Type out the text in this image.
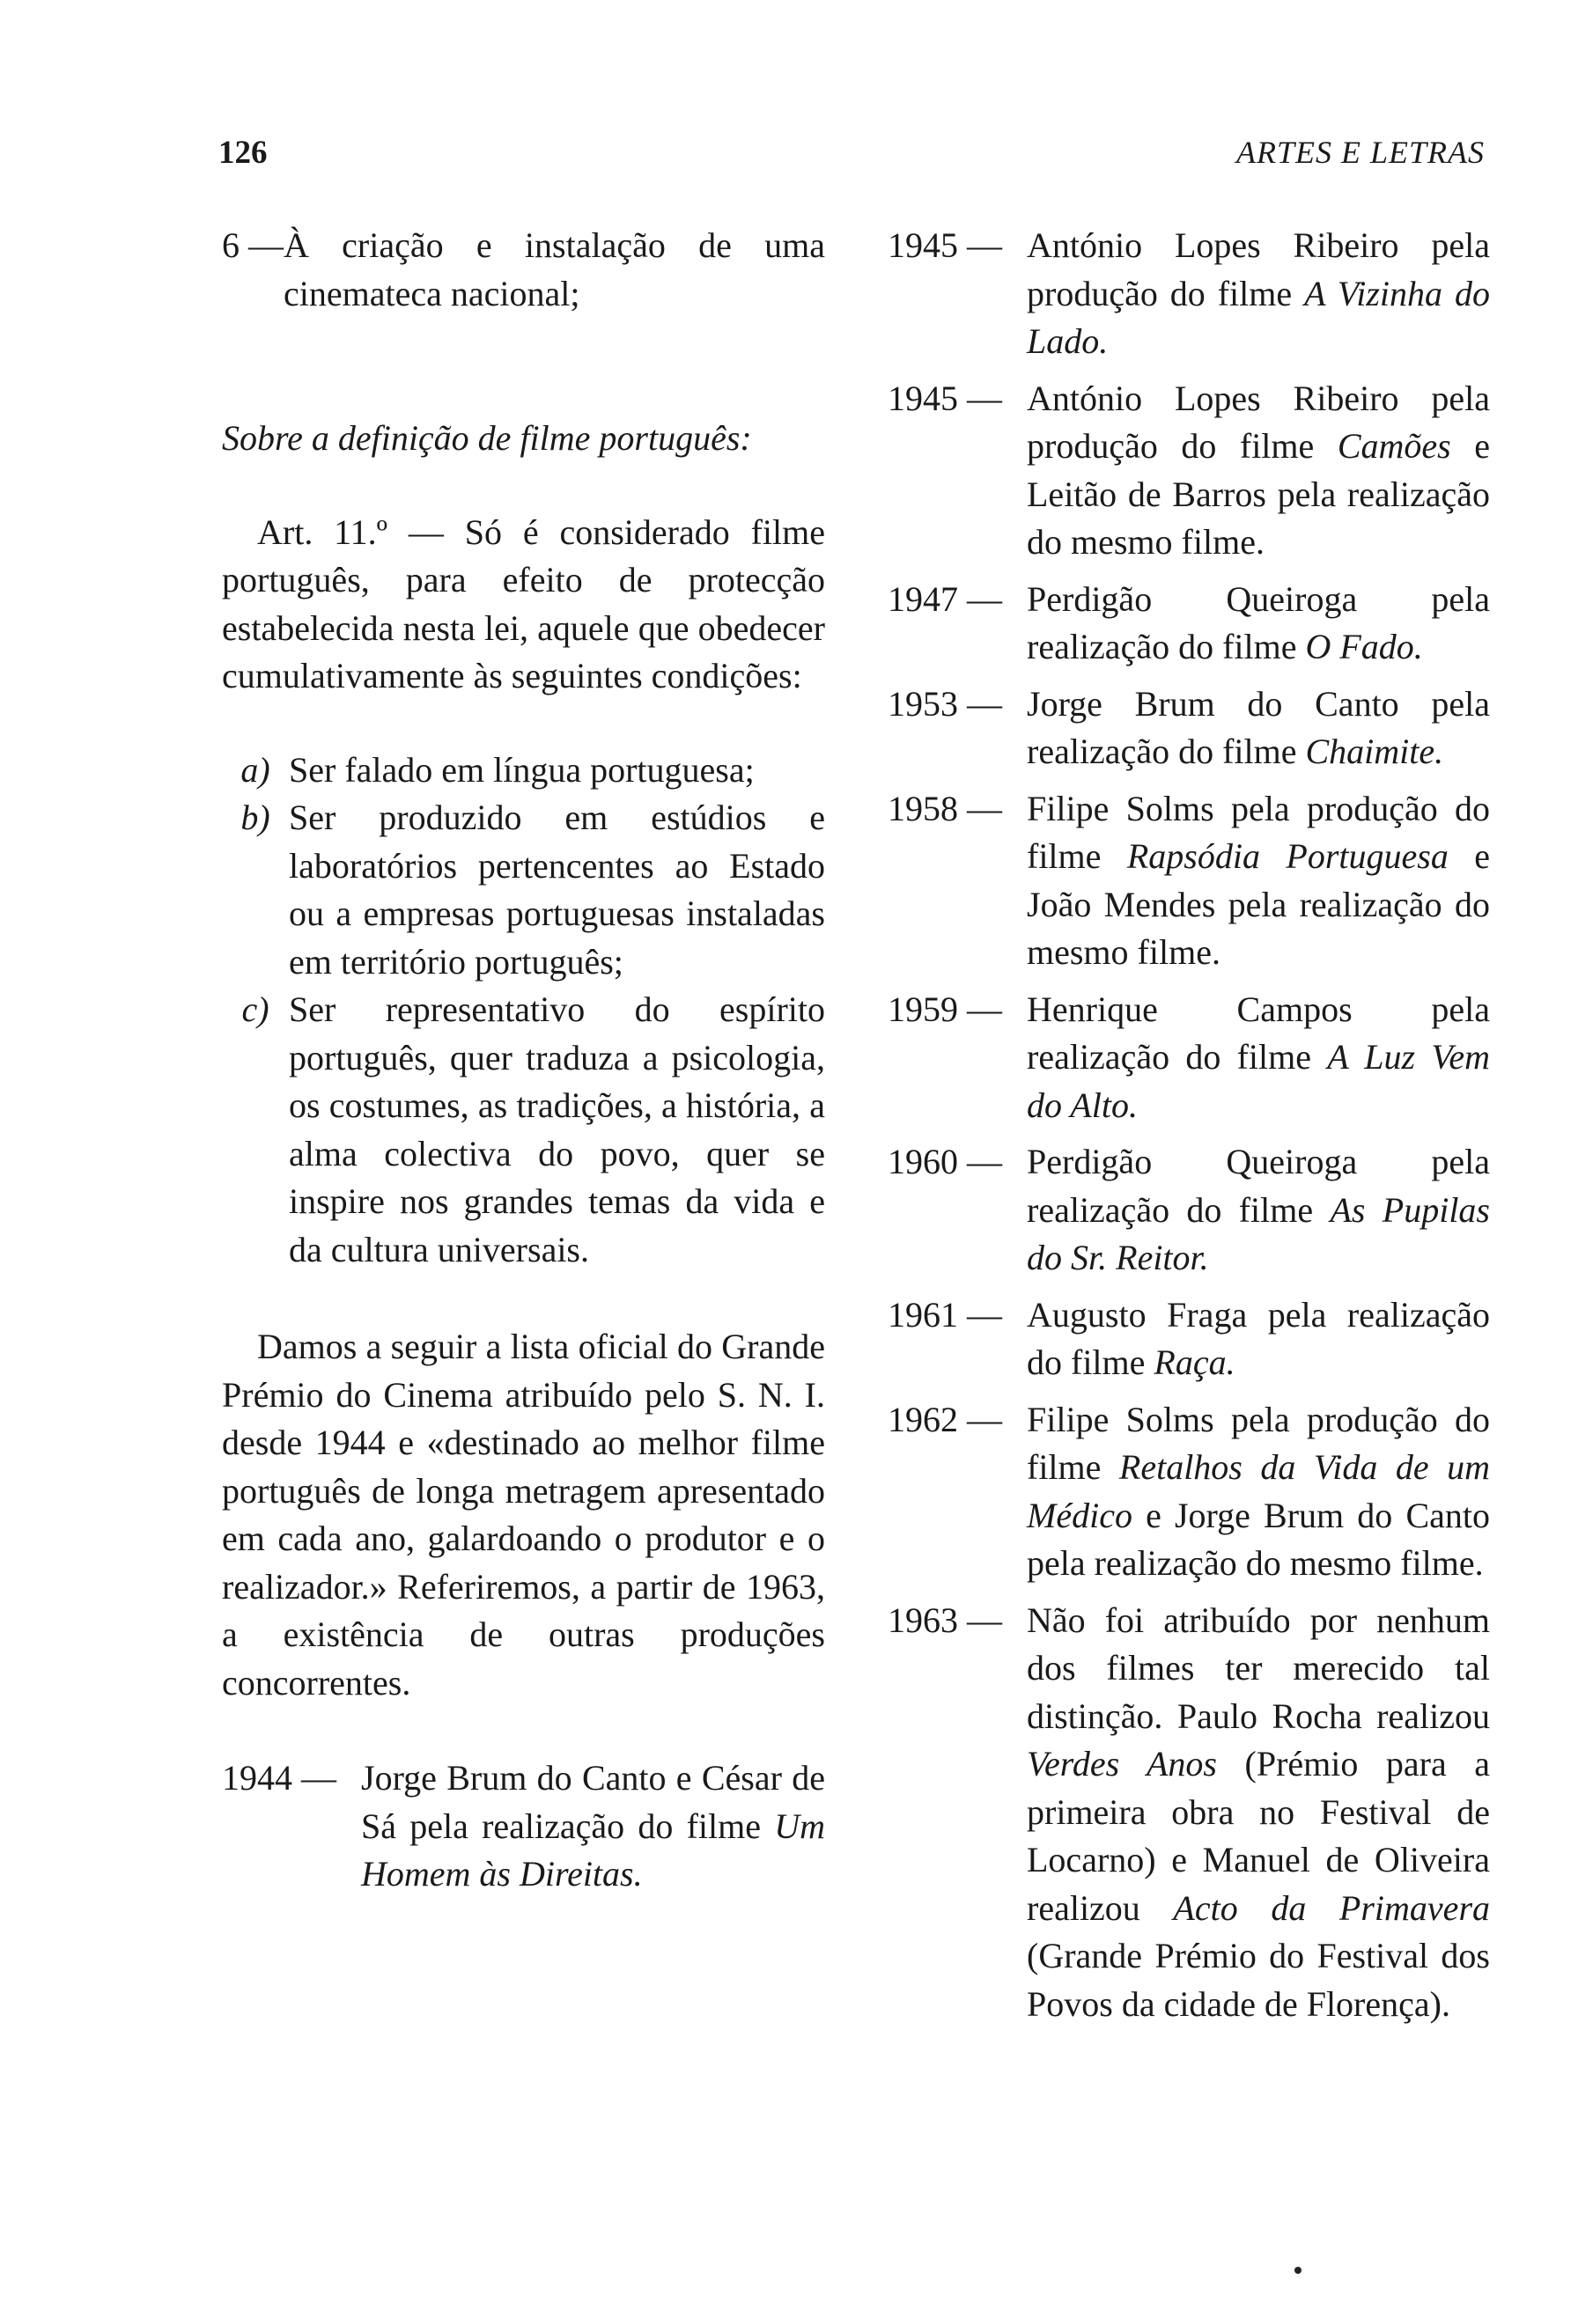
126	ARTES E LETRAS
6 — À criação e instalação de uma cinemateca nacional;

Sobre a definição de filme português:

Art. 11.º — Só é considerado filme português, para efeito de protecção estabelecida nesta lei, aquele que obedecer cumulativamente às seguintes condições:

a) Ser falado em língua portuguesa;
b) Ser produzido em estúdios e laboratórios pertencentes ao Estado ou a empresas portuguesas instaladas em território português;
c) Ser representativo do espírito português, quer traduza a psicologia, os costumes, as tradições, a história, a alma colectiva do povo, quer se inspire nos grandes temas da vida e da cultura universais.

Damos a seguir a lista oficial do Grande Prémio do Cinema atribuído pelo S. N. I. desde 1944 e «destinado ao melhor filme português de longa metragem apresentado em cada ano, galardoando o produtor e o realizador.» Referiremos, a partir de 1963, a existência de outras produções concorrentes.

1944 — Jorge Brum do Canto e César de Sá pela realização do filme Um Homem às Direitas.
1945 — António Lopes Ribeiro pela produção do filme A Vizinha do Lado.
1945 — António Lopes Ribeiro pela produção do filme Camões e Leitão de Barros pela realização do mesmo filme.
1947 — Perdigão Queiroga pela realização do filme O Fado.
1953 — Jorge Brum do Canto pela realização do filme Chaimite.
1958 — Filipe Solms pela produção do filme Rapsódia Portuguesa e João Mendes pela realização do mesmo filme.
1959 — Henrique Campos pela realização do filme A Luz Vem do Alto.
1960 — Perdigão Queiroga pela realização do filme As Pupilas do Sr. Reitor.
1961 — Augusto Fraga pela realização do filme Raça.
1962 — Filipe Solms pela produção do filme Retalhos da Vida de um Médico e Jorge Brum do Canto pela realização do mesmo filme.
1963 — Não foi atribuído por nenhum dos filmes ter merecido tal distinção. Paulo Rocha realizou Verdes Anos (Prémio para a primeira obra no Festival de Locarno) e Manuel de Oliveira realizou Acto da Primavera (Grande Prémio do Festival dos Povos da cidade de Florença).
